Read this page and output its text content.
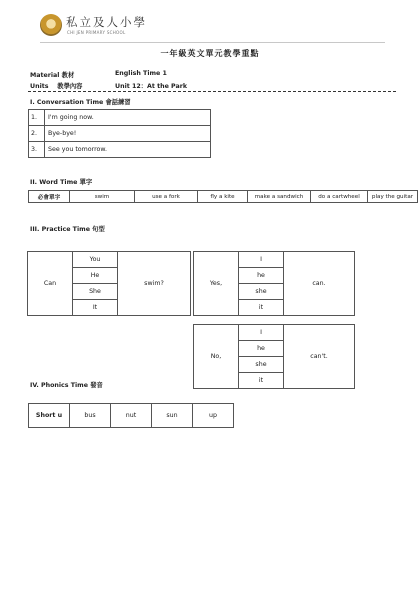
私立及人小學
CHI JEN PRIMARY SCHOOL
一年級英文單元教學重點
Material 教材	English Time 1
Units    教學內容	Unit 12：At the Park
I. Conversation Time 會話練習
1.	I'm going now.
2.	Bye-bye!
3.	See you tomorrow.
II. Word Time 單字
必會單字	swim	use a fork	fly a kite	make a sandwich	do a cartwheel	play the guitar
III. Practice Time 句型
Can	You	swim?
He
She
It
Yes,	I	can.
he
she
it
No,	I	can't.
he
she
it
IV. Phonics Time 發音
Short u	bus	nut	sun	up
